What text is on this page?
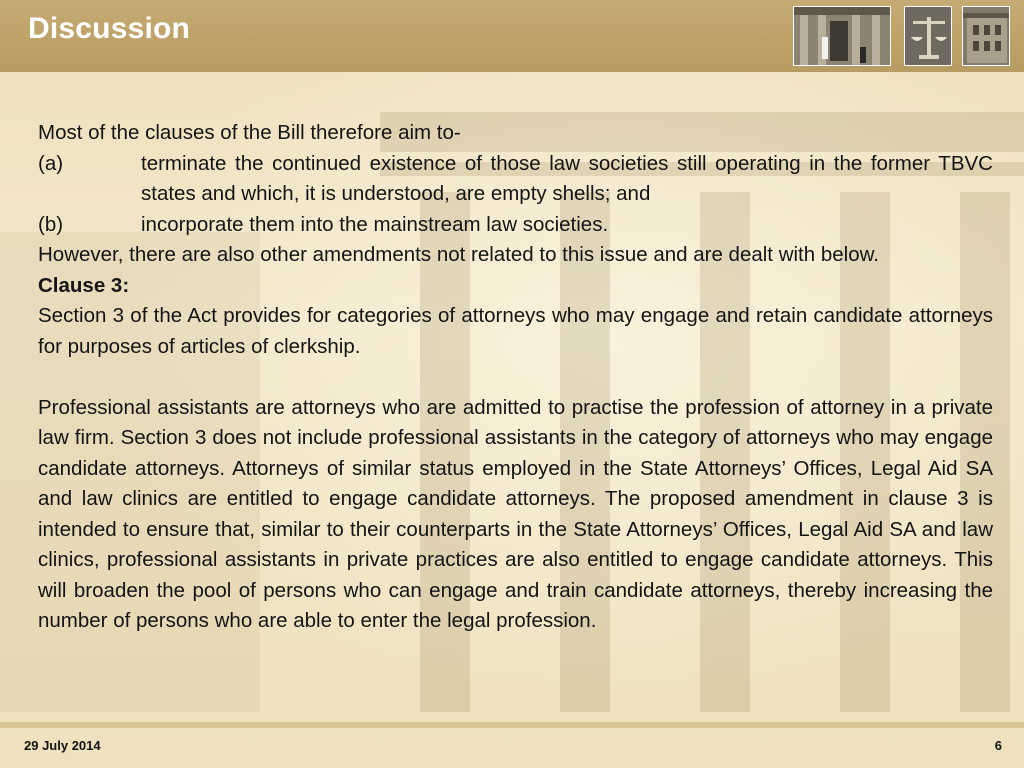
Discussion

Most of the clauses of the Bill therefore aim to-

(a)	terminate the continued existence of those law societies still operating in the former TBVC states and which, it is understood, are empty shells; and
(b)	incorporate them into the mainstream law societies.

However, there are also other amendments not related to this issue and are dealt with below.

Clause 3:

Section 3 of the Act provides for categories of attorneys who may engage and retain candidate attorneys for purposes of articles of clerkship.

Professional assistants are attorneys who are admitted to practise the profession of attorney in a private law firm. Section 3 does not include professional assistants in the category of attorneys who may engage candidate attorneys. Attorneys of similar status employed in the State Attorneys’ Offices, Legal Aid SA and law clinics are entitled to engage candidate attorneys. The proposed amendment in clause 3 is intended to ensure that, similar to their counterparts in the State Attorneys’ Offices, Legal Aid SA and law clinics, professional assistants in private practices are also entitled to engage candidate attorneys. This will broaden the pool of persons who can engage and train candidate attorneys, thereby increasing the number of persons who are able to enter the legal profession.

29 July 2014	6
